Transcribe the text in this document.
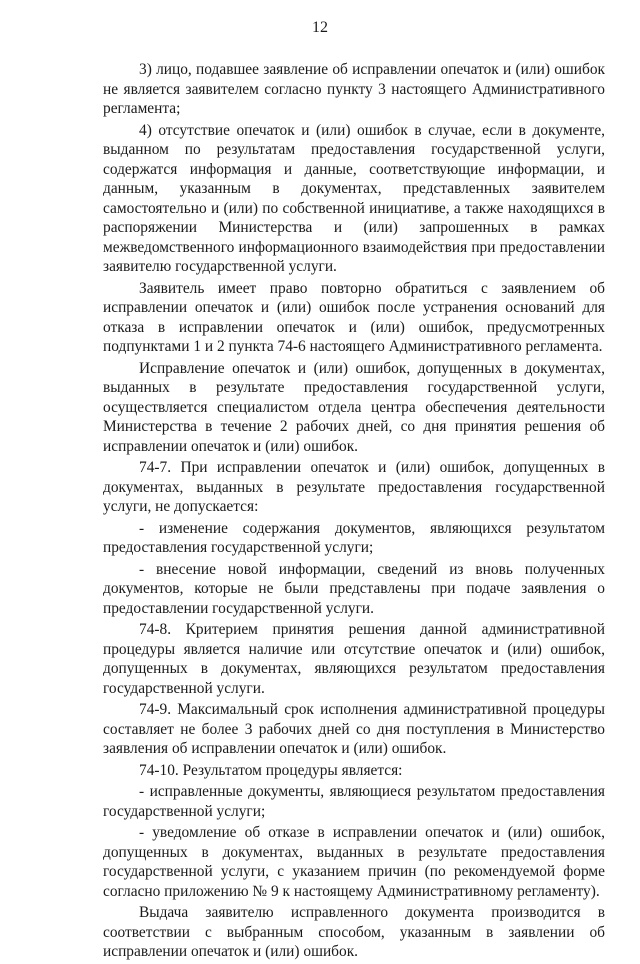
12

3) лицо, подавшее заявление об исправлении опечаток и (или) ошибок не является заявителем согласно пункту 3 настоящего Административного регламента;

4) отсутствие опечаток и (или) ошибок в случае, если в документе, выданном по результатам предоставления государственной услуги, содержатся информация и данные, соответствующие информации, и данным, указанным в документах, представленных заявителем самостоятельно и (или) по собственной инициативе, а также находящихся в распоряжении Министерства и (или) запрошенных в рамках межведомственного информационного взаимодействия при предоставлении заявителю государственной услуги.

Заявитель имеет право повторно обратиться с заявлением об исправлении опечаток и (или) ошибок после устранения оснований для отказа в исправлении опечаток и (или) ошибок, предусмотренных подпунктами 1 и 2 пункта 74-6 настоящего Административного регламента.

Исправление опечаток и (или) ошибок, допущенных в документах, выданных в результате предоставления государственной услуги, осуществляется специалистом отдела центра обеспечения деятельности Министерства в течение 2 рабочих дней, со дня принятия решения об исправлении опечаток и (или) ошибок.

74-7. При исправлении опечаток и (или) ошибок, допущенных в документах, выданных в результате предоставления государственной услуги, не допускается:

- изменение содержания документов, являющихся результатом предоставления государственной услуги;

- внесение новой информации, сведений из вновь полученных документов, которые не были представлены при подаче заявления о предоставлении государственной услуги.

74-8. Критерием принятия решения данной административной процедуры является наличие или отсутствие опечаток и (или) ошибок, допущенных в документах, являющихся результатом предоставления государственной услуги.

74-9. Максимальный срок исполнения административной процедуры составляет не более 3 рабочих дней со дня поступления в Министерство заявления об исправлении опечаток и (или) ошибок.

74-10. Результатом процедуры является:

- исправленные документы, являющиеся результатом предоставления государственной услуги;

- уведомление об отказе в исправлении опечаток и (или) ошибок, допущенных в документах, выданных в результате предоставления государственной услуги, с указанием причин (по рекомендуемой форме согласно приложению № 9 к настоящему Административному регламенту).

Выдача заявителю исправленного документа производится в соответствии с выбранным способом, указанным в заявлении об исправлении опечаток и (или) ошибок.
